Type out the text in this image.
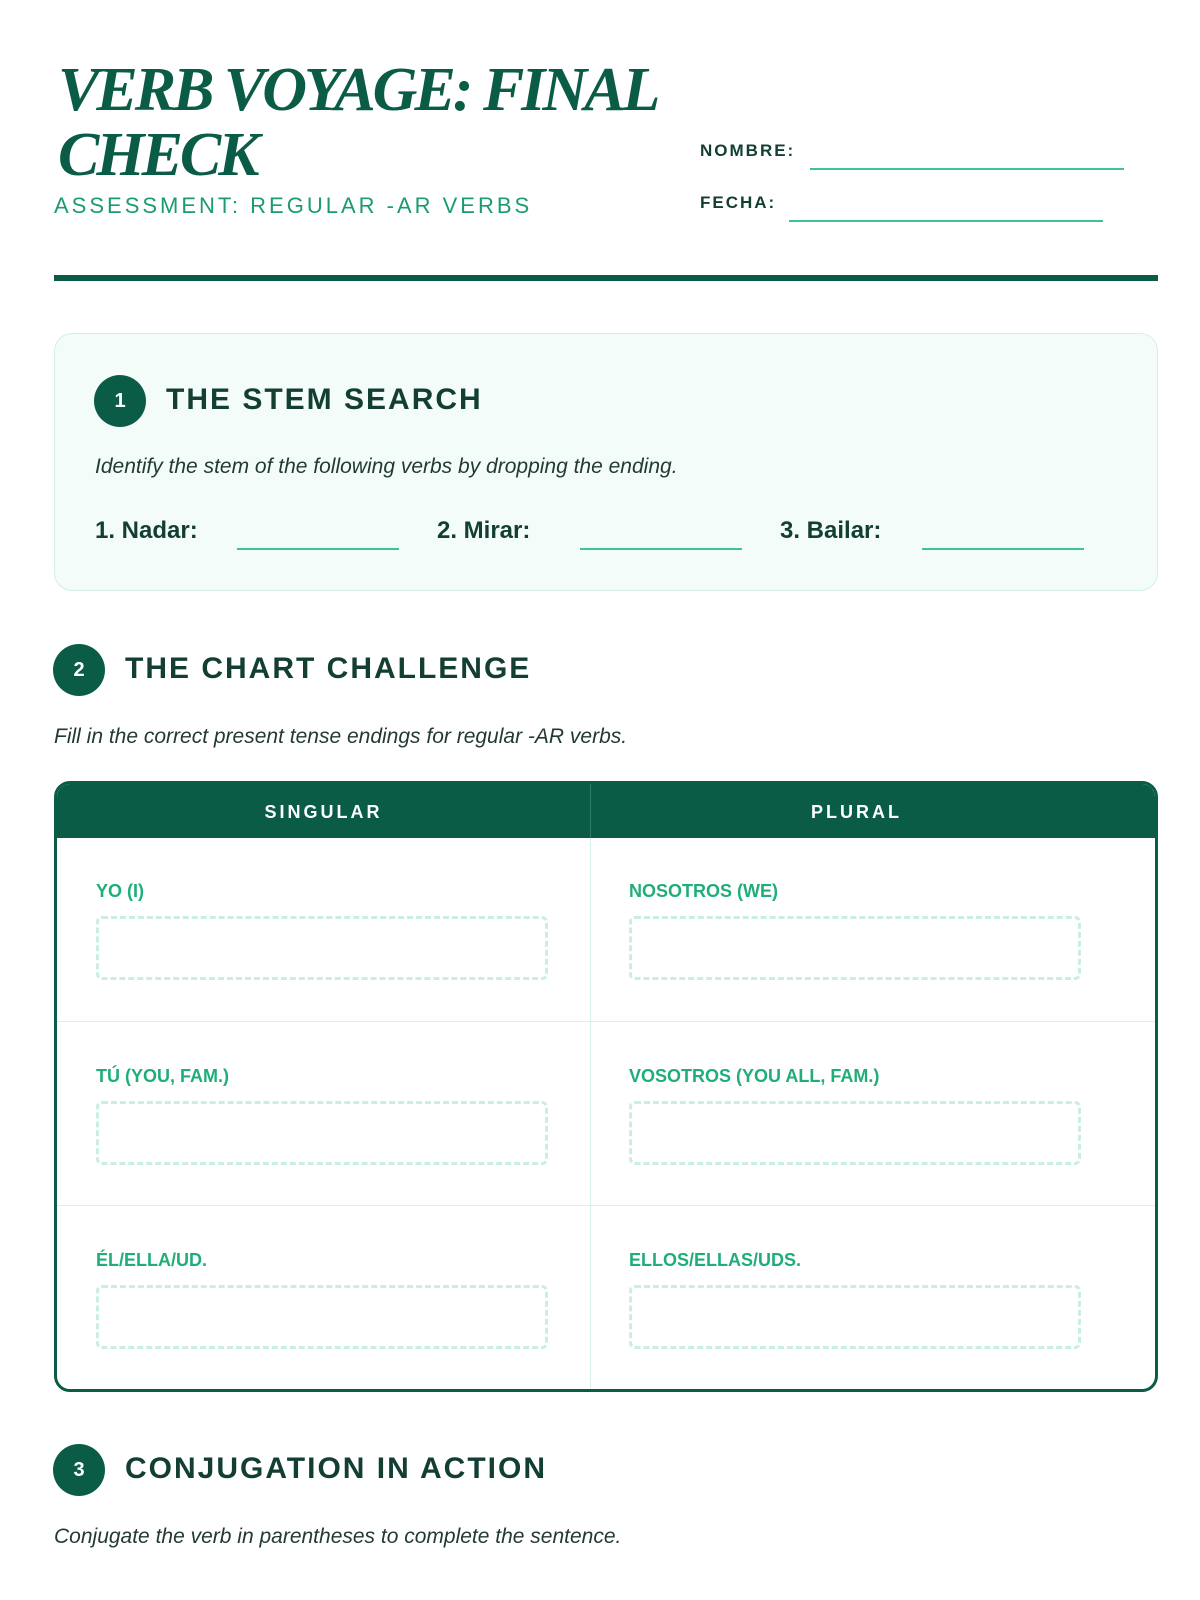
VERB VOYAGE: FINAL CHECK
ASSESSMENT: REGULAR -AR VERBS
NOMBRE:
FECHA:
1	THE STEM SEARCH
Identify the stem of the following verbs by dropping the ending.
1. Nadar:	2. Mirar:	3. Bailar:
2	THE CHART CHALLENGE
Fill in the correct present tense endings for regular -AR verbs.
SINGULAR	PLURAL
YO (I)	NOSOTROS (WE)
TÚ (YOU, FAM.)	VOSOTROS (YOU ALL, FAM.)
ÉL/ELLA/UD.	ELLOS/ELLAS/UDS.
3	CONJUGATION IN ACTION
Conjugate the verb in parentheses to complete the sentence.
